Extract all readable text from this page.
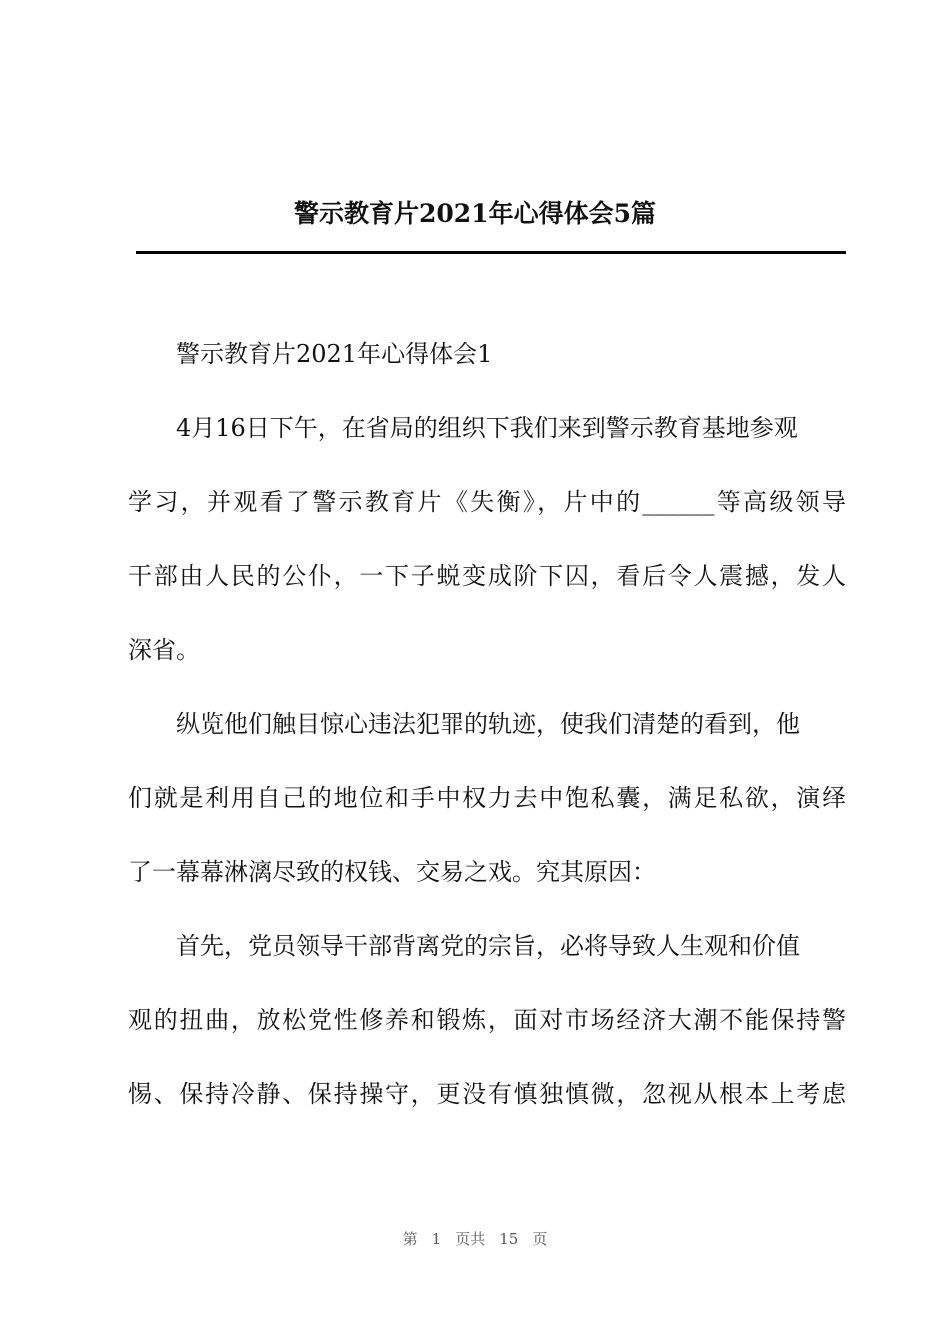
警示教育片2021年心得体会5篇
警示教育片2021年心得体会1
4月16日下午，在省局的组织下我们来到警示教育基地参观
学习，并观看了警示教育片《失衡》，片中的______等高级领导
干部由人民的公仆，一下子蜕变成阶下囚，看后令人震撼，发人
深省。
纵览他们触目惊心违法犯罪的轨迹，使我们清楚的看到，他
们就是利用自己的地位和手中权力去中饱私囊，满足私欲，演绎
了一幕幕淋漓尽致的权钱、交易之戏。究其原因：
首先，党员领导干部背离党的宗旨，必将导致人生观和价值
观的扭曲，放松党性修养和锻炼，面对市场经济大潮不能保持警
惕、保持冷静、保持操守，更没有慎独慎微，忽视从根本上考虑
第 1 页共 15 页
